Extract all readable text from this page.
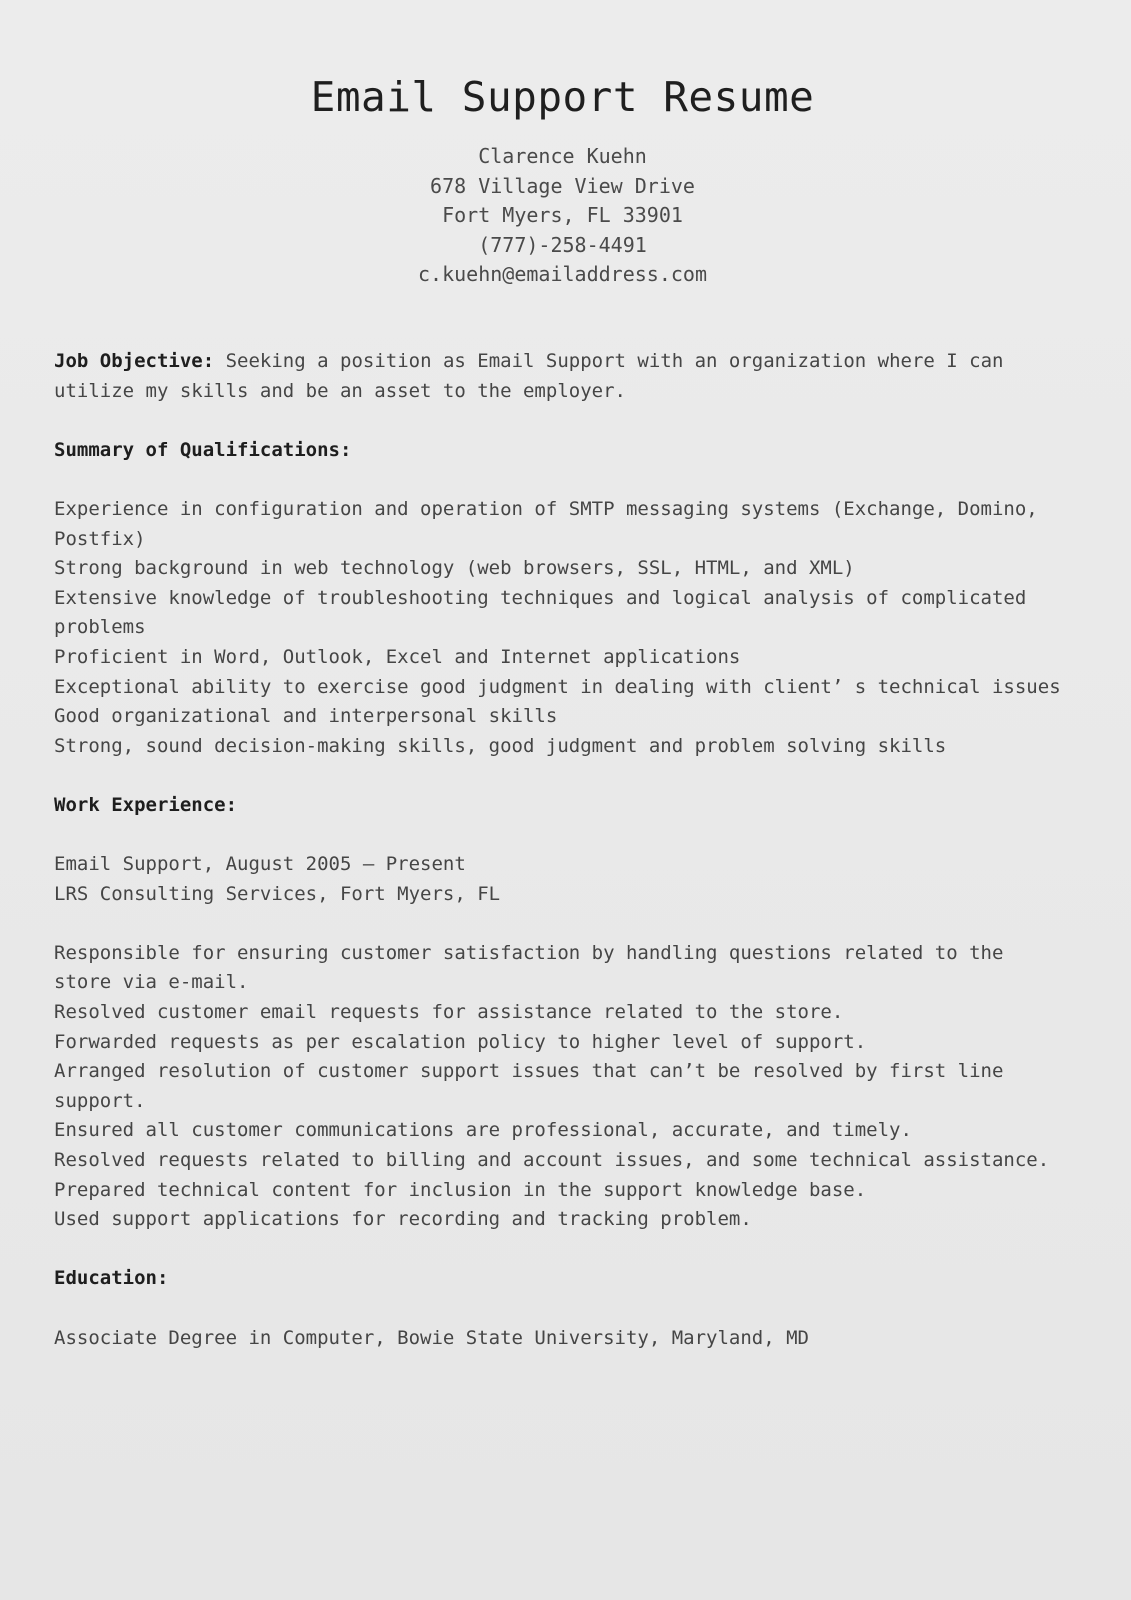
Email Support Resume
Clarence Kuehn
678 Village View Drive
Fort Myers, FL 33901
(777)-258-4491
c.kuehn@emailaddress.com

Job Objective: Seeking a position as Email Support with an organization where I can utilize my skills and be an asset to the employer.

Summary of Qualifications:
Experience in configuration and operation of SMTP messaging systems (Exchange, Domino, Postfix)
Strong background in web technology (web browsers, SSL, HTML, and XML)
Extensive knowledge of troubleshooting techniques and logical analysis of complicated problems
Proficient in Word, Outlook, Excel and Internet applications
Exceptional ability to exercise good judgment in dealing with client’ s technical issues
Good organizational and interpersonal skills
Strong, sound decision-making skills, good judgment and problem solving skills
Work Experience:
Email Support, August 2005 – Present
LRS Consulting Services, Fort Myers, FL
Responsible for ensuring customer satisfaction by handling questions related to the store via e-mail.
Resolved customer email requests for assistance related to the store.
Forwarded requests as per escalation policy to higher level of support.
Arranged resolution of customer support issues that can’t be resolved by first line support.
Ensured all customer communications are professional, accurate, and timely.
Resolved requests related to billing and account issues, and some technical assistance.
Prepared technical content for inclusion in the support knowledge base.
Used support applications for recording and tracking problem.
Education:

Associate Degree in Computer, Bowie State University, Maryland, MD
